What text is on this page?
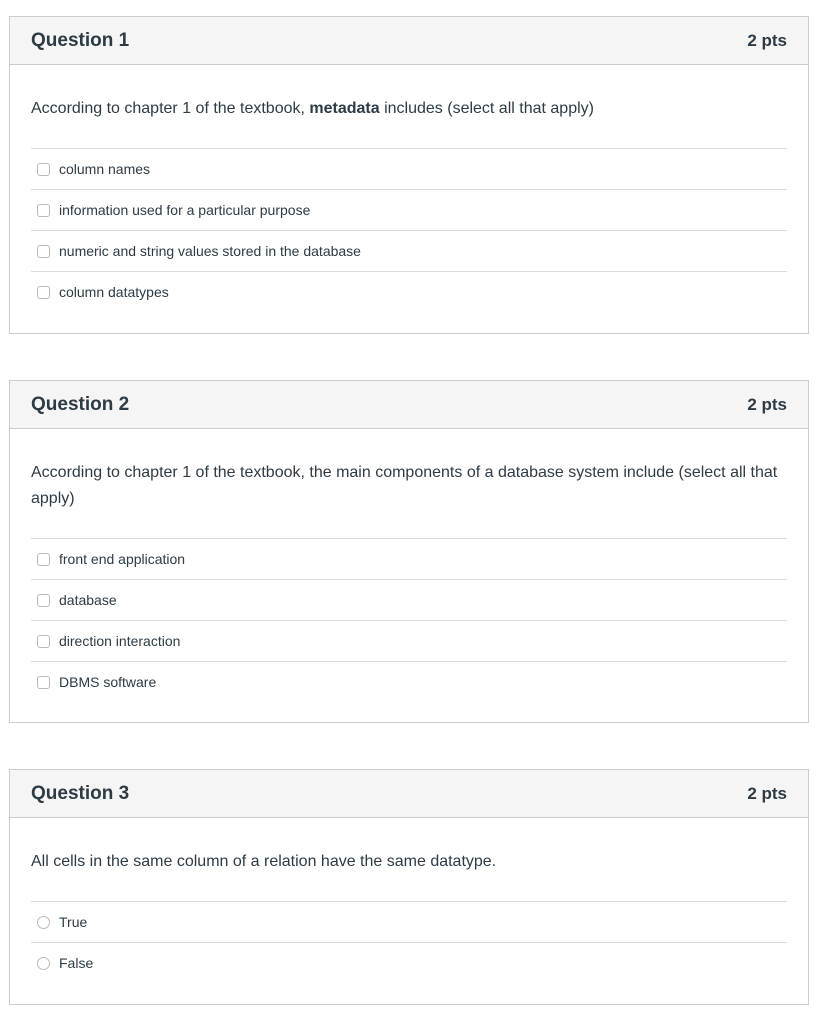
Question 1	2 pts

According to chapter 1 of the textbook, metadata includes (select all that apply)

column names
information used for a particular purpose
numeric and string values stored in the database
column datatypes
Question 2	2 pts

According to chapter 1 of the textbook, the main components of a database system include (select all that apply)

front end application
database
direction interaction
DBMS software
Question 3	2 pts

All cells in the same column of a relation have the same datatype.

True
False
